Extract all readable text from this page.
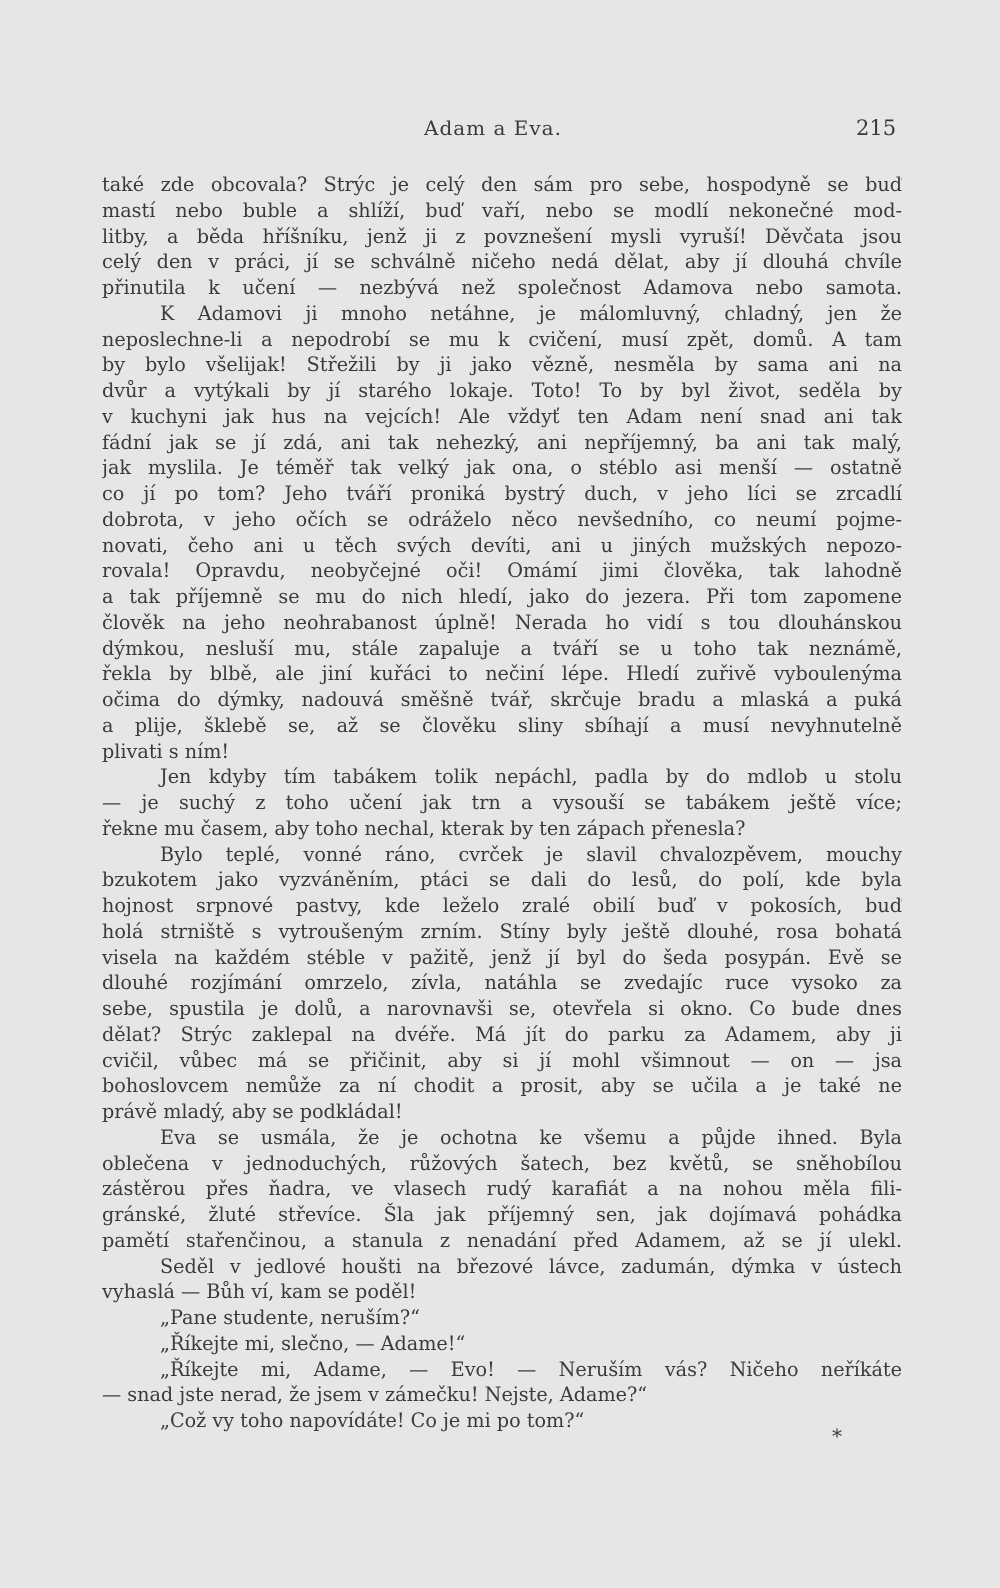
Adam a Eva.	215
také zde obcovala? Strýc je celý den sám pro sebe, hospodyně se buď
mastí nebo buble a shlíží, buď vaří, nebo se modlí nekonečné mod-
litby, a běda hříšníku, jenž ji z povznešení mysli vyruší! Děvčata jsou
celý den v práci, jí se schválně ničeho nedá dělat, aby jí dlouhá chvíle
přinutila k učení — nezbývá než společnost Adamova nebo samota.
K Adamovi ji mnoho netáhne, je málomluvný, chladný, jen že
neposlechne-li a nepodrobí se mu k cvičení, musí zpět, domů. A tam
by bylo všelijak! Střežili by ji jako vězně, nesměla by sama ani na
dvůr a vytýkali by jí starého lokaje. Toto! To by byl život, seděla by
v kuchyni jak hus na vejcích! Ale vždyť ten Adam není snad ani tak
fádní jak se jí zdá, ani tak nehezký, ani nepříjemný, ba ani tak malý,
jak myslila. Je téměř tak velký jak ona, o stéblo asi menší — ostatně
co jí po tom? Jeho tváří proniká bystrý duch, v jeho líci se zrcadlí
dobrota, v jeho očích se odráželo něco nevšedního, co neumí pojme-
novati, čeho ani u těch svých devíti, ani u jiných mužských nepozo-
rovala! Opravdu, neobyčejné oči! Omámí jimi člověka, tak lahodně
a tak příjemně se mu do nich hledí, jako do jezera. Při tom zapomene
člověk na jeho neohrabanost úplně! Nerada ho vidí s tou dlouhánskou
dýmkou, nesluší mu, stále zapaluje a tváří se u toho tak neznámě,
řekla by blbě, ale jiní kuřáci to nečiní lépe. Hledí zuřivě vyboulenýma
očima do dýmky, nadouvá směšně tvář, skrčuje bradu a mlaská a puká
a plije, šklebě se, až se člověku sliny sbíhají a musí nevyhnutelně
plivati s ním!
Jen kdyby tím tabákem tolik nepáchl, padla by do mdlob u stolu
— je suchý z toho učení jak trn a vysouší se tabákem ještě více;
řekne mu časem, aby toho nechal, kterak by ten zápach přenesla?
Bylo teplé, vonné ráno, cvrček je slavil chvalozpěvem, mouchy
bzukotem jako vyzváněním, ptáci se dali do lesů, do polí, kde byla
hojnost srpnové pastvy, kde leželo zralé obilí buď v pokosích, buď
holá strniště s vytroušeným zrním. Stíny byly ještě dlouhé, rosa bohatá
visela na každém stéble v pažitě, jenž jí byl do šeda posypán. Evě se
dlouhé rozjímání omrzelo, zívla, natáhla se zvedajíc ruce vysoko za
sebe, spustila je dolů, a narovnavši se, otevřela si okno. Co bude dnes
dělat? Strýc zaklepal na dvéře. Má jít do parku za Adamem, aby ji
cvičil, vůbec má se přičinit, aby si jí mohl všimnout — on — jsa
bohoslovcem nemůže za ní chodit a prosit, aby se učila a je také ne
právě mladý, aby se podkládal!
Eva se usmála, že je ochotna ke všemu a půjde ihned. Byla
oblečena v jednoduchých, růžových šatech, bez květů, se sněhobílou
zástěrou přes ňadra, ve vlasech rudý karafiát a na nohou měla fili-
gránské, žluté střevíce. Šla jak příjemný sen, jak dojímavá pohádka
pamětí stařenčinou, a stanula z nenadání před Adamem, až se jí ulekl.
Seděl v jedlové houšti na březové lávce, zadumán, dýmka v ústech
vyhaslá — Bůh ví, kam se poděl!
„Pane studente, neruším?“
„Říkejte mi, slečno, — Adame!“
„Říkejte mi, Adame, — Evo! — Neruším vás? Ničeho neříkáte
— snad jste nerad, že jsem v zámečku! Nejste, Adame?“
„Což vy toho napovídáte! Co je mi po tom?“
*
